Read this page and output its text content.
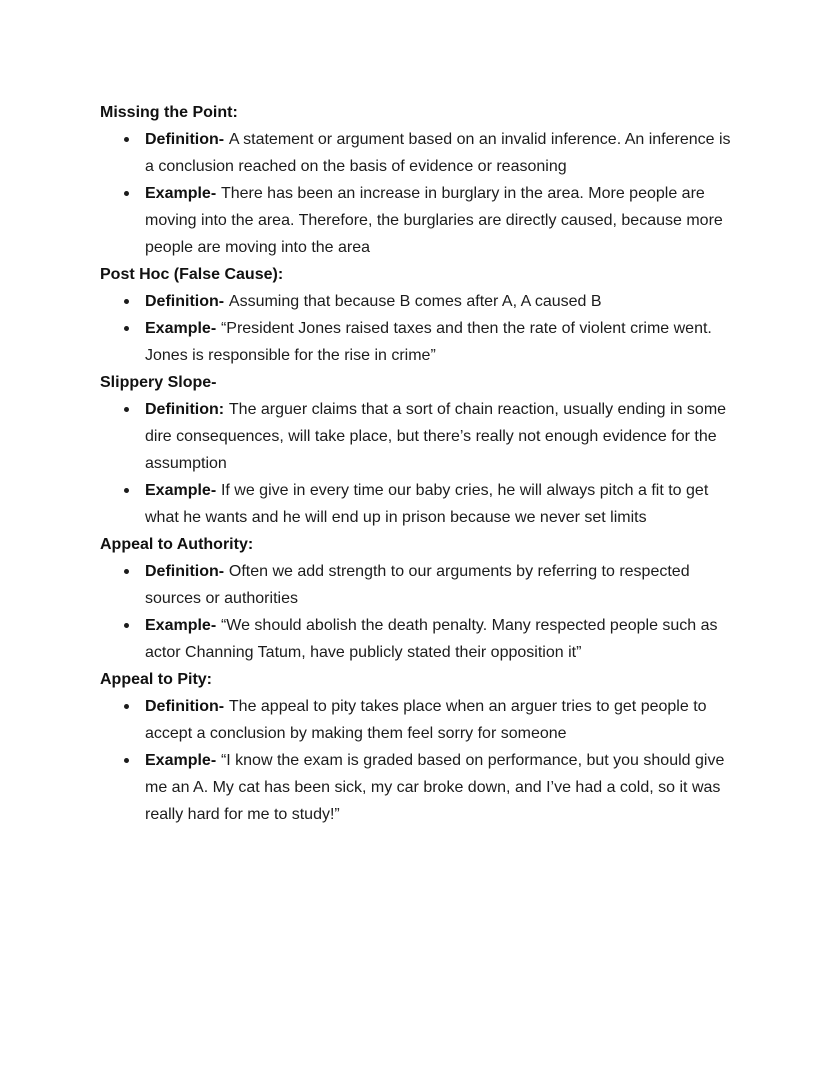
Missing the Point:
Definition- A statement or argument based on an invalid inference. An inference is a conclusion reached on the basis of evidence or reasoning
Example- There has been an increase in burglary in the area. More people are moving into the area. Therefore, the burglaries are directly caused, because more people are moving into the area
Post Hoc (False Cause):
Definition- Assuming that because B comes after A, A caused B
Example- “President Jones raised taxes and then the rate of violent crime went. Jones is responsible for the rise in crime”
Slippery Slope-
Definition: The arguer claims that a sort of chain reaction, usually ending in some dire consequences, will take place, but there’s really not enough evidence for the assumption
Example- If we give in every time our baby cries, he will always pitch a fit to get what he wants and he will end up in prison because we never set limits
Appeal to Authority:
Definition- Often we add strength to our arguments by referring to respected sources or authorities
Example- “We should abolish the death penalty. Many respected people such as actor Channing Tatum, have publicly stated their opposition it”
Appeal to Pity:
Definition- The appeal to pity takes place when an arguer tries to get people to accept a conclusion by making them feel sorry for someone
Example- “I know the exam is graded based on performance, but you should give me an A. My cat has been sick, my car broke down, and I’ve had a cold, so it was really hard for me to study!”
